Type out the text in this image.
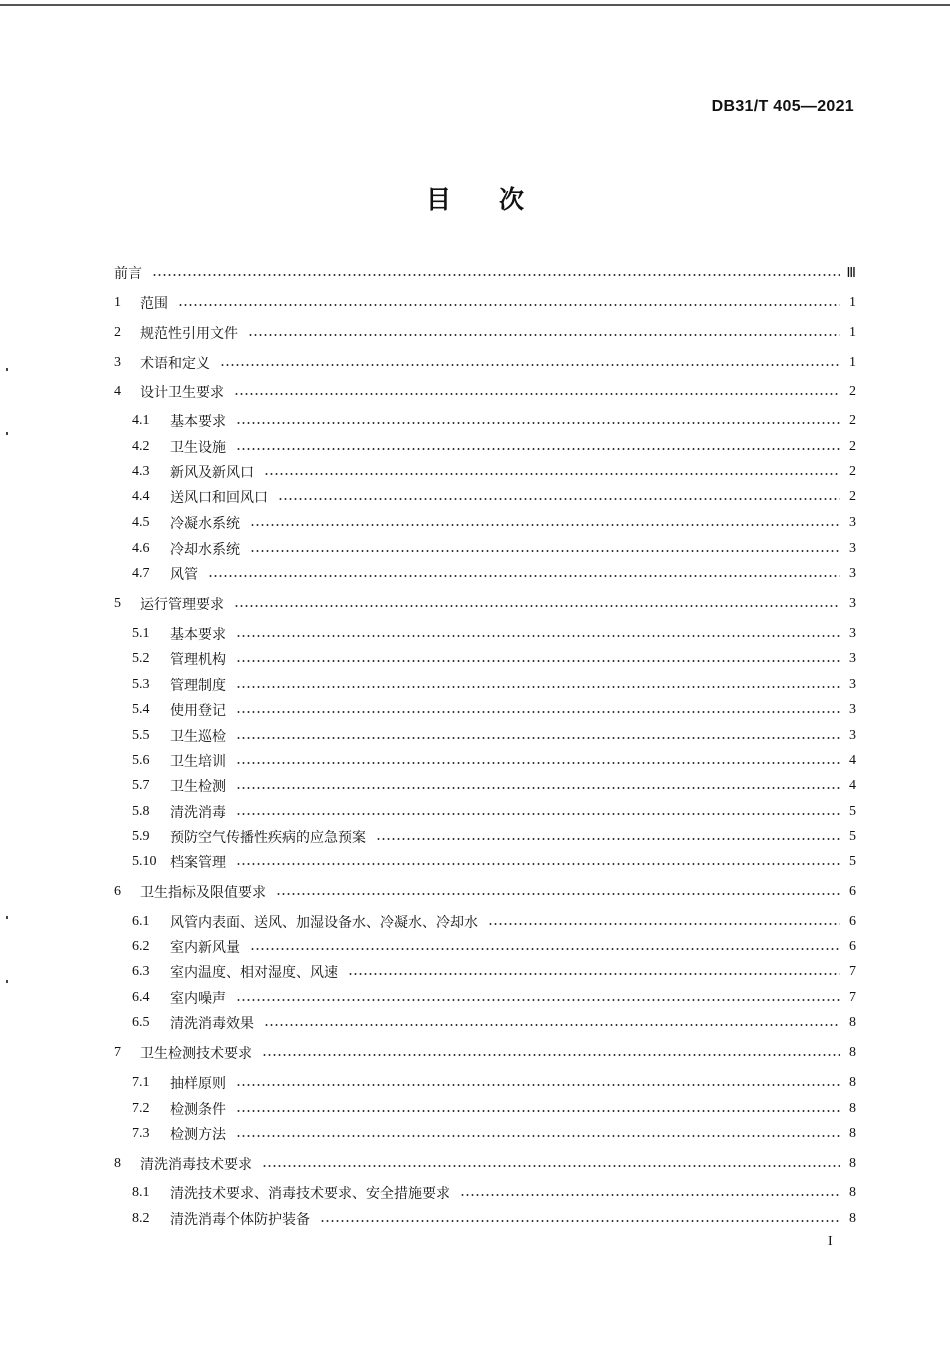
DB31/T 405—2021
目 次
前言	Ⅲ
1	范围	1
2	规范性引用文件	1
3	术语和定义	1
4	设计卫生要求	2
4.1	基本要求	2
4.2	卫生设施	2
4.3	新风及新风口	2
4.4	送风口和回风口	2
4.5	冷凝水系统	3
4.6	冷却水系统	3
4.7	风管	3
5	运行管理要求	3
5.1	基本要求	3
5.2	管理机构	3
5.3	管理制度	3
5.4	使用登记	3
5.5	卫生巡检	3
5.6	卫生培训	4
5.7	卫生检测	4
5.8	清洗消毒	5
5.9	预防空气传播性疾病的应急预案	5
5.10 档案管理	5
6	卫生指标及限值要求	6
6.1	风管内表面、送风、加湿设备水、冷凝水、冷却水	6
6.2	室内新风量	6
6.3	室内温度、相对湿度、风速	7
6.4	室内噪声	7
6.5	清洗消毒效果	8
7	卫生检测技术要求	8
7.1	抽样原则	8
7.2	检测条件	8
7.3	检测方法	8
8	清洗消毒技术要求	8
8.1	清洗技术要求、消毒技术要求、安全措施要求	8
8.2	清洗消毒个体防护装备	8
I
